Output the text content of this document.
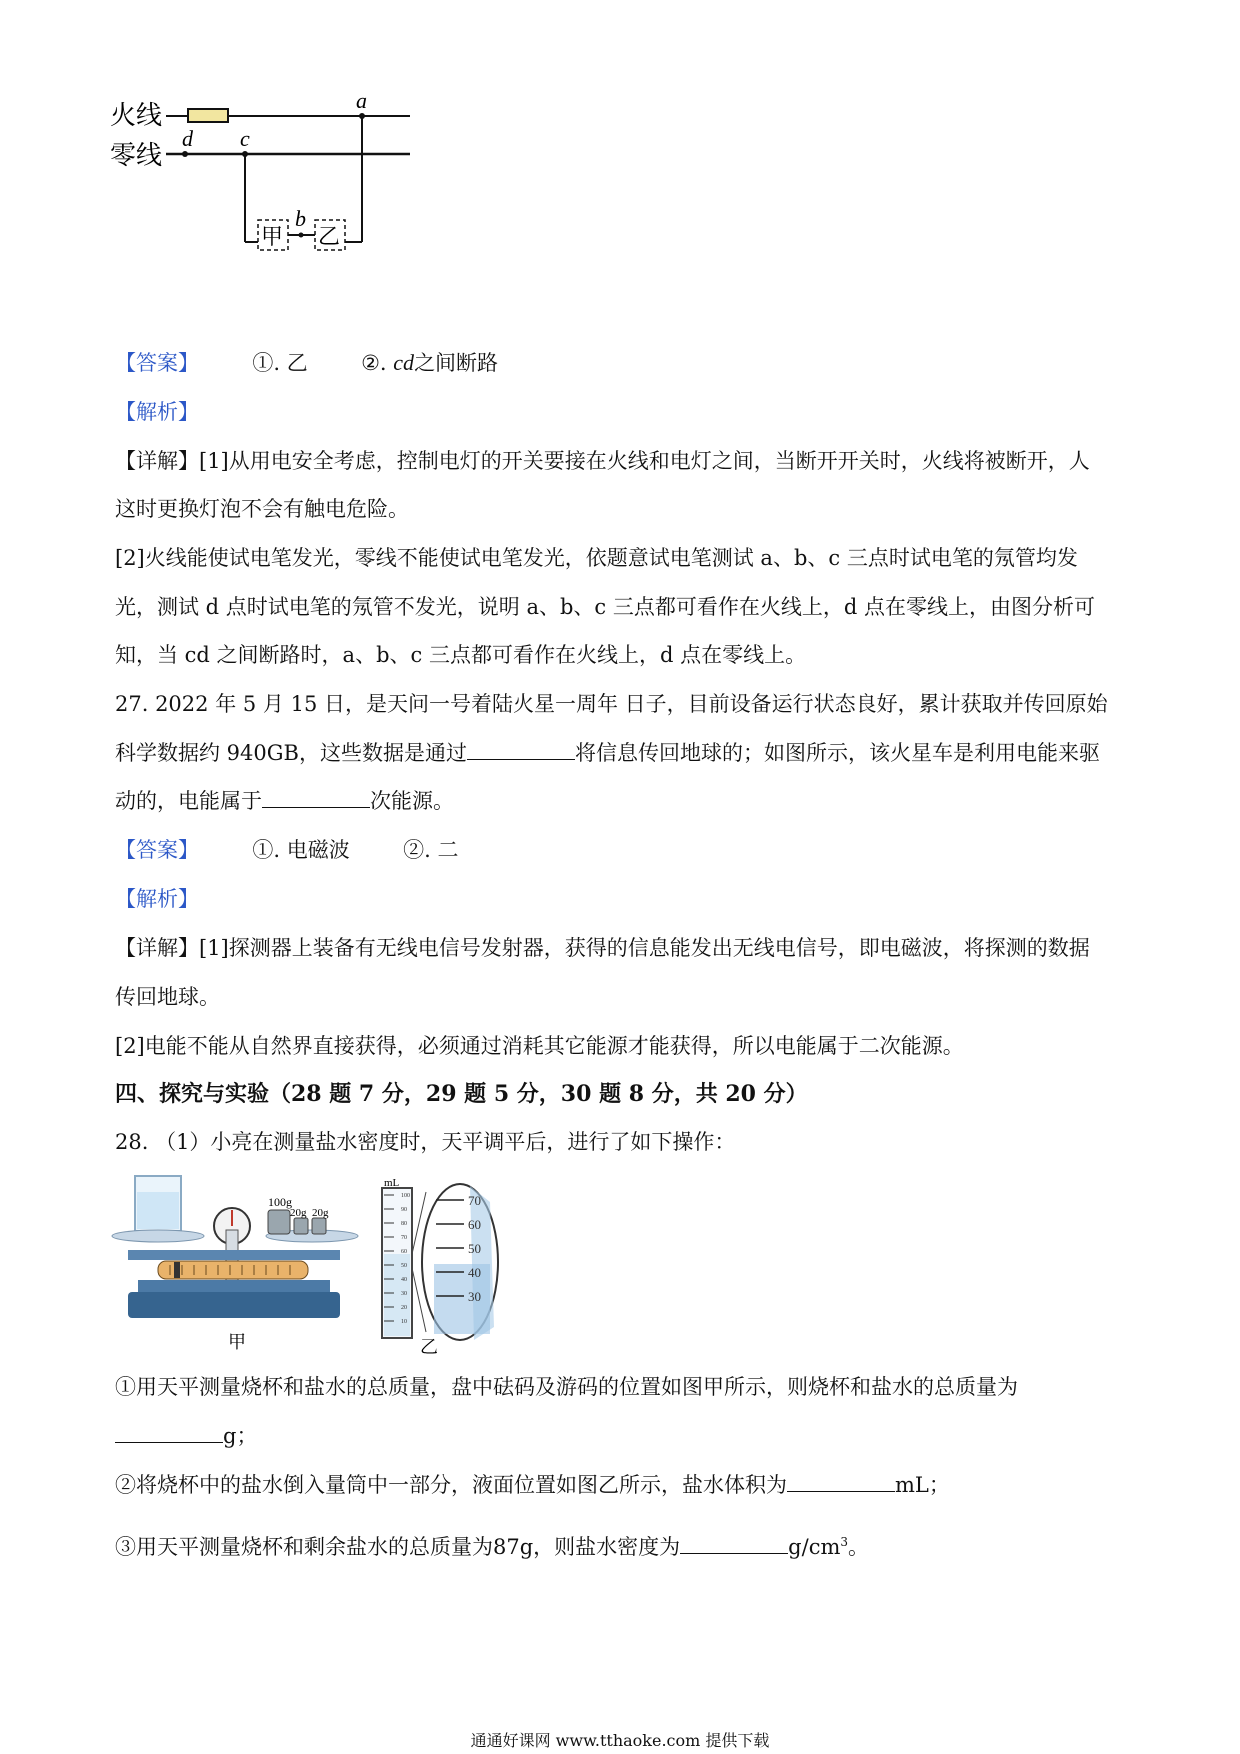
火线
零线
a
d c
甲
b
乙
【答案】	①. 乙	②. cd之间断路
【解析】
【详解】[1]从用电安全考虑，控制电灯的开关要接在火线和电灯之间，当断开开关时，火线将被断开，人
这时更换灯泡不会有触电危险。
[2]火线能使试电笔发光，零线不能使试电笔发光，依题意试电笔测试 a、b、c 三点时试电笔的氖管均发
光，测试 d 点时试电笔的氖管不发光，说明 a、b、c 三点都可看作在火线上，d 点在零线上，由图分析可
知，当 cd 之间断路时，a、b、c 三点都可看作在火线上，d 点在零线上。
27. 2022 年 5 月 15 日，是天问一号着陆火星一周年 日子，目前设备运行状态良好，累计获取并传回原始
科学数据约 940GB，这些数据是通过	将信息传回地球的；如图所示，该火星车是利用电能来驱
动的，电能属于	次能源。
【答案】	①. 电磁波	②. 二
【解析】
【详解】[1]探测器上装备有无线电信号发射器，获得的信息能发出无线电信号，即电磁波，将探测的数据
传回地球。
[2]电能不能从自然界直接获得，必须通过消耗其它能源才能获得，所以电能属于二次能源。
四、探究与实验（28 题 7 分，29 题 5 分，30 题 8 分，共 20 分）
28. （1）小亮在测量盐水密度时，天平调平后，进行了如下操作：
100g
20g 20g
甲
mL
100
90
80
70
60
50
40
30
20
10
70
60
50
40
30
乙
①用天平测量烧杯和盐水的总质量，盘中砝码及游码的位置如图甲所示，则烧杯和盐水的总质量为
g；
②将烧杯中的盐水倒入量筒中一部分，液面位置如图乙所示，盐水体积为	mL；
③用天平测量烧杯和剩余盐水的总质量为87g，则盐水密度为	$g/cm^3$。
通通好课网 www.tthaoke.com 提供下载
